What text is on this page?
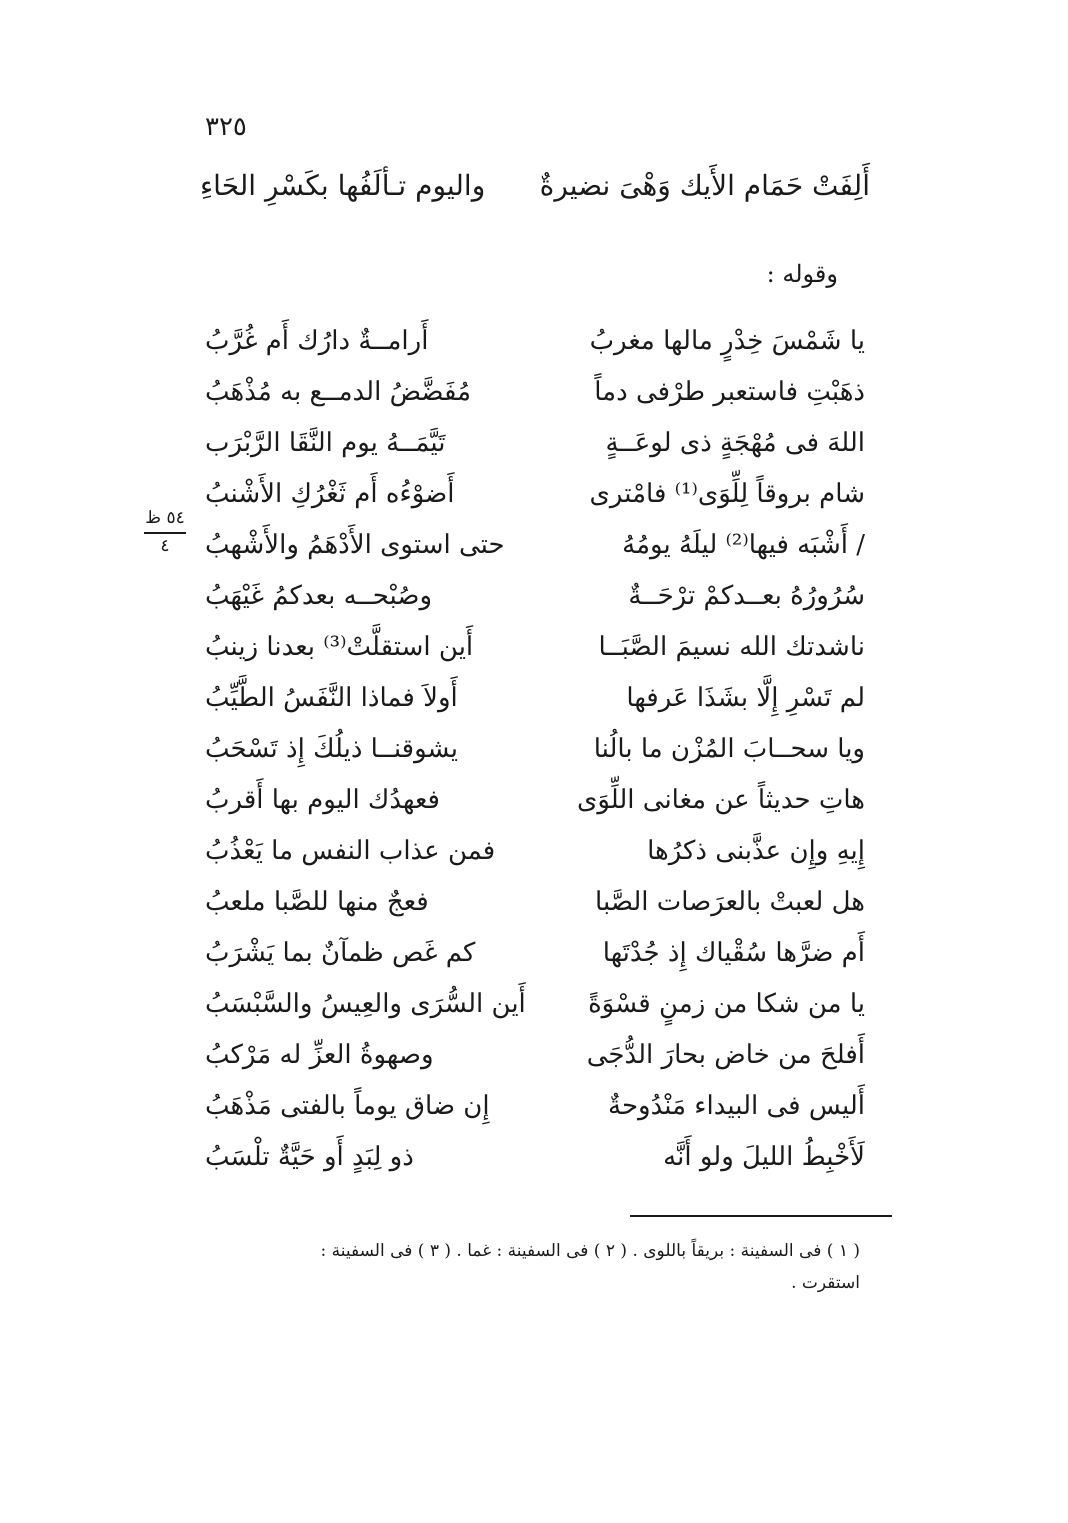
٣٢٥
أَلِفَتْ حَمَام الأَيك وَهْىَ نضيرةٌ
واليوم تـألَفُها بكَسْرِ الحَاءِ
وقوله :
٥٤ ظ
٤
يا شَمْسَ خِدْرٍ مالها مغربُ
أَرامــةٌ دارُك أَم غُرَّبُ
ذهَبْتِ فاستعبر طرْفى دماً
مُفَضَّضُ الدمــع به مُذْهَبُ
اللهَ فى مُهْجَةٍ ذى لوعَــةٍ
تَيَّمَــهُ يوم النَّقَا الرَّبْرَب
شام بروقاً لِلِّوَى⁽¹⁾ فامْترى
أَضوْءُه أَم ثَغْرُكِ الأَشْنبُ
/ أَشْبَه فيها⁽²⁾ ليلَهُ يومُهُ
حتى استوى الأَدْهَمُ والأَشْهبُ
سُرُورُهُ بعــدكمْ ترْحَــةٌ
وصُبْحــه بعدكمُ غَيْهَبُ
ناشدتك الله نسيمَ الصَّبَــا
أَين استقلَّتْ⁽³⁾ بعدنا زينبُ
لم تَسْرِ إِلَّا بشَذَا عَرفها
أَولاَ فماذا النَّفَسُ الطَّيِّبُ
ويا سحــابَ المُزْن ما بالُنا
يشوقنــا ذيلُكَ إِذ تَسْحَبُ
هاتِ حديثاً عن مغانى اللِّوَى
فعهدُك اليوم بها أَقربُ
إِيهِ وإِن عذَّبنى ذكرُها
فمن عذاب النفس ما يَعْذُبُ
هل لعبتْ بالعرَصات الصَّبا
فعجٌ منها للصَّبا ملعبُ
أَم ضرَّها سُقْياك إِذ جُدْتَها
كم غَص ظمآنٌ بما يَشْرَبُ
يا من شكا من زمنٍ قسْوَةً
أَين السُّرَى والعِيسُ والسَّبْسَبُ
أَفلحَ من خاض بحارَ الدُّجَى
وصهوةُ العزِّ له مَرْكبُ
أَليس فى البيداء مَنْدُوحةٌ
إِن ضاق يوماً بالفتى مَذْهَبُ
لَأَخْبِطُ الليلَ ولو أَنَّه
ذو لِبَدٍ أَو حَيَّةٌ تلْسَبُ
( ١ ) فى السفينة : بريقاً باللوى . ( ٢ ) فى السفينة : غما . ( ٣ ) فى السفينة :
استقرت .
